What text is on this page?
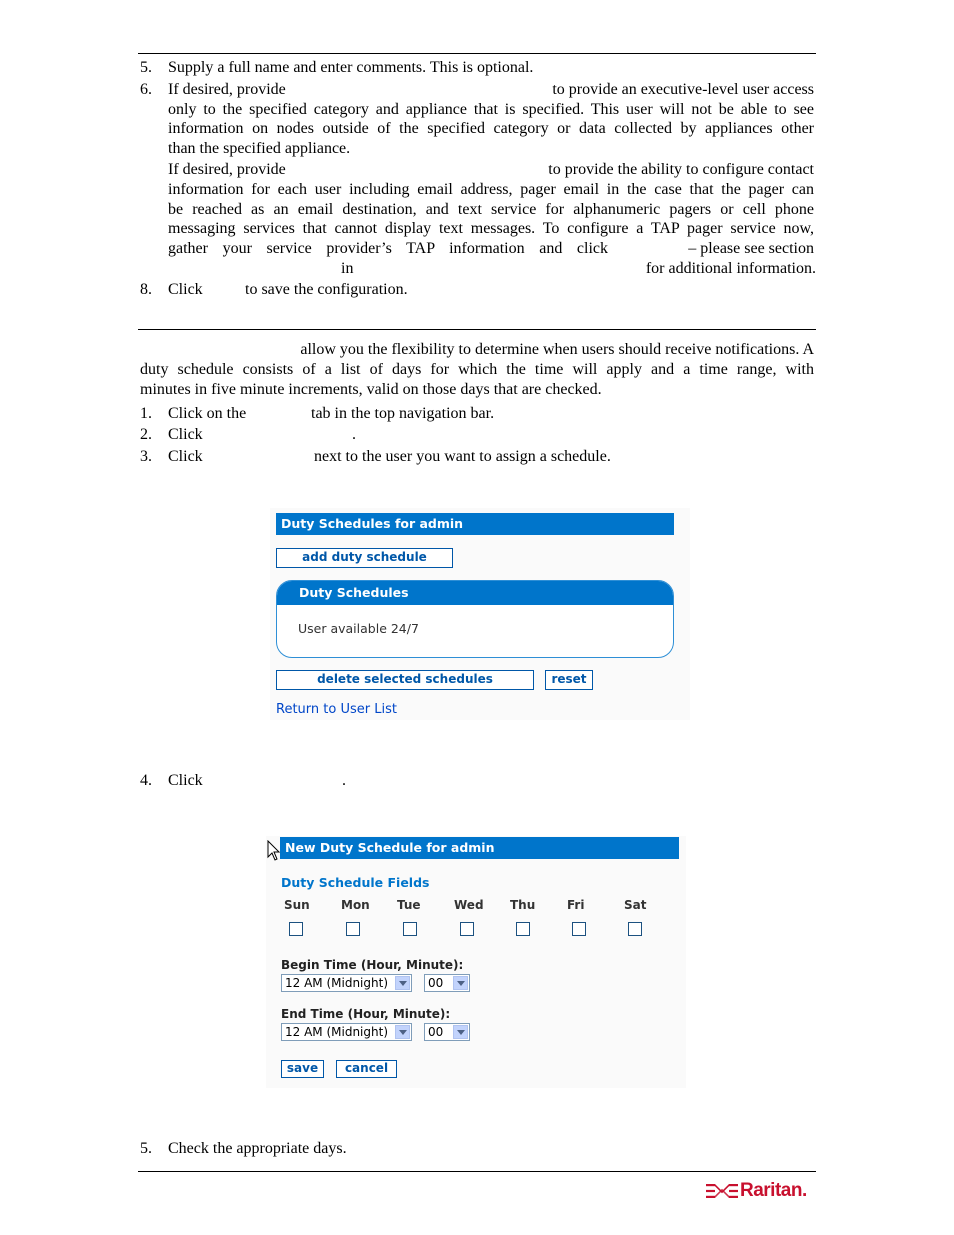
5. Supply a full name and enter comments. This is optional.
6. If desired, provide	to provide an executive-level user access
only to the specified category and appliance that is specified. This user will not be able to see
information on nodes outside of the specified category or data collected by appliances other
than the specified appliance.
If desired, provide	to provide the ability to configure contact
information for each user including email address, pager email in the case that the pager can
be reached as an email destination, and text service for alphanumeric pagers or cell phone
messaging services that cannot display text messages. To configure a TAP pager service now,
gather your service provider’s TAP information and click	– please see section
in	for additional information.
8. Click	to save the configuration.
allow you the flexibility to determine when users should receive notifications. A
duty schedule consists of a list of days for which the time will apply and a time range, with
minutes in five minute increments, valid on those days that are checked.
1. Click on the	tab in the top navigation bar.
2. Click	.
3. Click	next to the user you want to assign a schedule.
Duty Schedules for admin
add duty schedule
Duty Schedules
User available 24/7
delete selected schedules	reset
Return to User List
4. Click	.
New Duty Schedule for admin
Duty Schedule Fields
Sun	Mon Tue	Wed Thu	Fri	Sat
Begin Time (Hour, Minute):
12 AM (Midnight)	00
End Time (Hour, Minute):
12 AM (Midnight)	00
save	cancel
5. Check the appropriate days.
Raritan.
